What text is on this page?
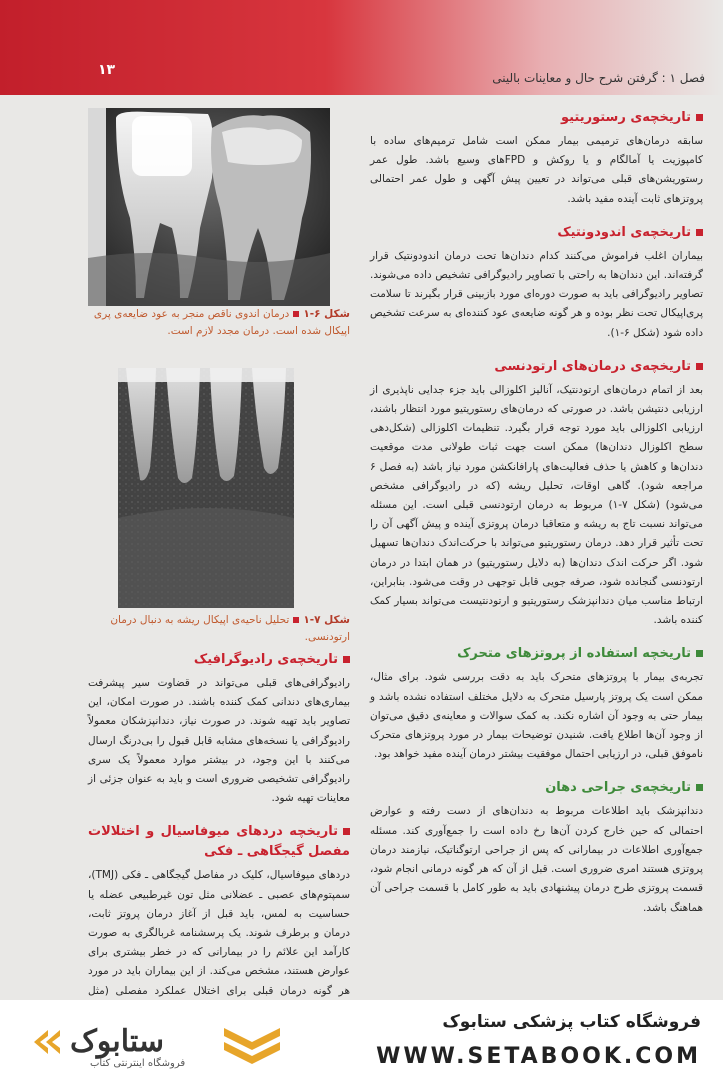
۱۳	فصل ۱ : گرفتن شرح حال و معاینات بالینی
شکل ۶-۱درمان اندوی ناقص منجر به عود ضایعه‌ی پری اپیکال شده است. درمان مجدد لازم است.
شکل ۷-۱تحلیل ناحیه‌ی اپیکال ریشه به دنبال درمان ارتودنسی.
تاریخچه‌ی رستوریتیو

سابقه درمان‌های ترمیمی بیمار ممکن است شامل ترمیم‌های ساده با کامپوزیت یا آمالگام و یا روکش و FPDهای وسیع باشد. طول عمر رستوریشن‌های قبلی می‌تواند در تعیین پیش آگهی و طول عمر احتمالی پروتزهای ثابت آینده مفید باشد.

تاریخچه‌ی اندودونتیک

بیماران اغلب فراموش می‌کنند کدام دندان‌ها تحت درمان اندودونتیک قرار گرفته‌اند. این دندان‌ها به راحتی با تصاویر رادیوگرافی تشخیص داده می‌شوند. تصاویر رادیوگرافی باید به صورت دوره‌ای مورد بازبینی قرار بگیرند تا سلامت پری‌اپیکال تحت نظر بوده و هر گونه ضایعه‌ی عود کننده‌ای به سرعت تشخیص داده شود (شکل ۶-۱).

تاریخچه‌ی درمان‌های ارتودنسی

بعد از اتمام درمان‌های ارتودنتیک، آنالیز اکلوزالی باید جزء جدایی ناپذیری از ارزیابی دنتیشن باشد. در صورتی که درمان‌های رستوریتیو مورد انتظار باشند، ارزیابی اکلوزالی باید مورد توجه قرار بگیرد. تنظیمات اکلوزالی (شکل‌دهی سطح اکلوزال دندان‌ها) ممکن است جهت ثبات طولانی مدت موقعیت دندان‌ها و کاهش یا حذف فعالیت‌های پارافانکشن مورد نیاز باشد (به فصل ۶ مراجعه شود). گاهی اوقات، تحلیل ریشه (که در رادیوگرافی مشخص می‌شود) (شکل ۷-۱) مربوط به درمان ارتودنسی قبلی است. این مسئله می‌تواند نسبت تاج به ریشه و متعاقبا درمان پروتزی آینده و پیش آگهی آن را تحت تأثیر قرار دهد. درمان رستوریتیو می‌تواند با حرکت‌اندک دندان‌ها تسهیل شود. اگر حرکت اندک دندان‌ها (به دلایل رستوریتیو) در همان ابتدا در درمان ارتودنسی گنجانده شود، صرفه جویی قابل توجهی در وقت می‌شود. بنابراین، ارتباط مناسب میان دندانپزشک رستوریتیو و ارتودنتیست می‌تواند بسیار کمک کننده باشد.

تاریخچه استفاده از پروتزهای متحرک

تجربه‌ی بیمار با پروتزهای متحرک باید به دقت بررسی شود. برای مثال، ممکن است یک پروتز پارسیل متحرک به دلایل مختلف استفاده نشده باشد و بیمار حتی به وجود آن اشاره نکند. به کمک سوالات و معاینه‌ی دقیق می‌توان از وجود آن‌ها اطلاع یافت. شنیدن توضیحات بیمار در مورد پروتزهای متحرک ناموفق قبلی، در ارزیابی احتمال موفقیت بیشتر درمان آینده مفید خواهد بود.

تاریخچه‌ی جراحی دهان

دندانپزشک باید اطلاعات مربوط به دندان‌های از دست رفته و عوارض احتمالی که حین خارج کردن آن‌ها رخ داده است را جمع‌آوری کند. مسئله جمع‌آوری اطلاعات در بیمارانی که پس از جراحی ارتوگناتیک، نیازمند درمان پروتزی هستند امری ضروری است. قبل از آن که هر گونه درمانی انجام شود، قسمت پروتزی طرح درمان پیشنهادی باید به طور کامل با قسمت جراحی آن هماهنگ باشد.

تاریخچه‌ی رادیوگرافیک

رادیوگرافی‌های قبلی می‌تواند در قضاوت سیر پیشرفت بیماری‌های دندانی کمک کننده باشند. در صورت امکان، این تصاویر باید تهیه شوند. در صورت نیاز، دندانپزشکان معمولاً رادیوگرافی یا نسخه‌های مشابه قابل قبول را بی‌درنگ ارسال می‌کنند با این وجود، در بیشتر موارد معمولاً یک سری رادیوگرافی تشخیصی ضروری است و باید به عنوان جزئی از معاینات تهیه شود.

تاریخچه دردهای میوفاسیال و اختلالات مفصل گیجگاهی ـ فکی

دردهای میوفاسیال، کلیک در مفاصل گیجگاهی ـ فکی (TMJ)، سمپتوم‌های عصبی ـ عضلانی مثل تون غیرطبیعی عضله یا حساسیت به لمس، باید قبل از آغاز درمان پروتز ثابت، درمان و برطرف شوند. یک پرسشنامه غربالگری به صورت کارآمد این علائم را در بیمارانی که در خطر بیشتری برای عوارض هستند، مشخص می‌کند. از این بیماران باید در مورد هر گونه درمان قبلی برای اختلال عملکرد مفصلی (مثل

ستابوک
فروشگاه اینترنتی کتاب
فروشگاه کتاب پزشکی ستابوک
WWW.SETABOOK.COM
